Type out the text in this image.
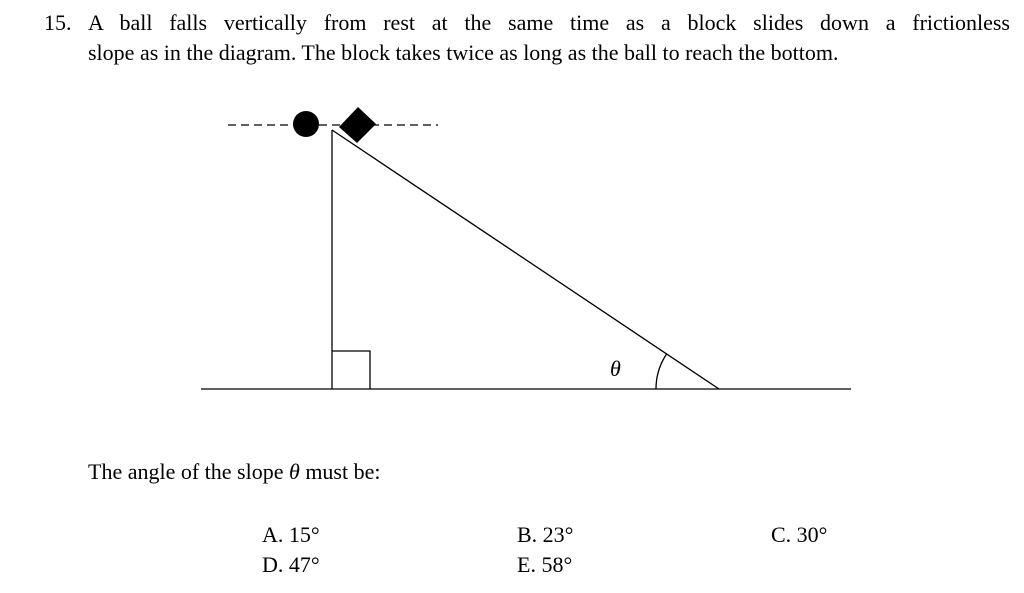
15. A ball falls vertically from rest at the same time as a block slides down a frictionless
slope as in the diagram. The block takes twice as long as the ball to reach the bottom.
θ
The angle of the slope θ must be:
A. 15°	B. 23°	C. 30°
D. 47°	E. 58°
